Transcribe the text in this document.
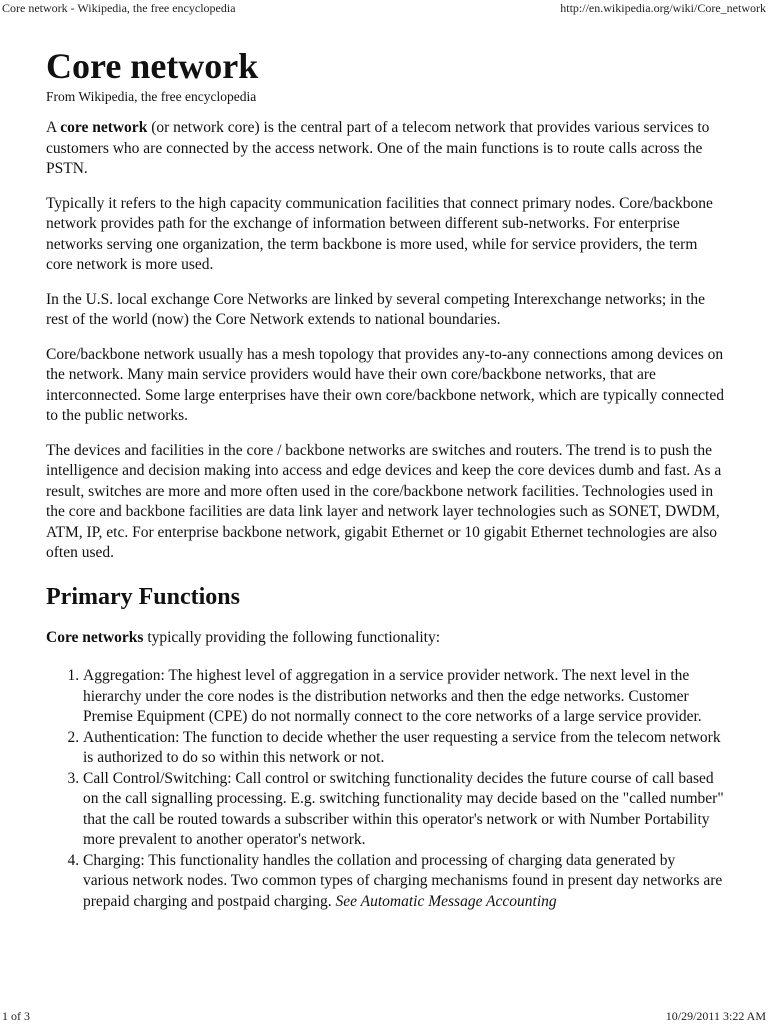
Core network - Wikipedia, the free encyclopedia	http://en.wikipedia.org/wiki/Core_network
Core network
From Wikipedia, the free encyclopedia

A core network (or network core) is the central part of a telecom network that provides various services to customers who are connected by the access network. One of the main functions is to route calls across the PSTN.

Typically it refers to the high capacity communication facilities that connect primary nodes. Core/backbone network provides path for the exchange of information between different sub-networks. For enterprise networks serving one organization, the term backbone is more used, while for service providers, the term core network is more used.

In the U.S. local exchange Core Networks are linked by several competing Interexchange networks; in the rest of the world (now) the Core Network extends to national boundaries.

Core/backbone network usually has a mesh topology that provides any-to-any connections among devices on the network. Many main service providers would have their own core/backbone networks, that are interconnected. Some large enterprises have their own core/backbone network, which are typically connected to the public networks.

The devices and facilities in the core / backbone networks are switches and routers. The trend is to push the intelligence and decision making into access and edge devices and keep the core devices dumb and fast. As a result, switches are more and more often used in the core/backbone network facilities. Technologies used in the core and backbone facilities are data link layer and network layer technologies such as SONET, DWDM, ATM, IP, etc. For enterprise backbone network, gigabit Ethernet or 10 gigabit Ethernet technologies are also often used.

Primary Functions

Core networks typically providing the following functionality:

1. Aggregation: The highest level of aggregation in a service provider network. The next level in the hierarchy under the core nodes is the distribution networks and then the edge networks. Customer Premise Equipment (CPE) do not normally connect to the core networks of a large service provider.
2. Authentication: The function to decide whether the user requesting a service from the telecom network is authorized to do so within this network or not.
3. Call Control/Switching: Call control or switching functionality decides the future course of call based on the call signalling processing. E.g. switching functionality may decide based on the "called number" that the call be routed towards a subscriber within this operator's network or with Number Portability more prevalent to another operator's network.
4. Charging: This functionality handles the collation and processing of charging data generated by various network nodes. Two common types of charging mechanisms found in present day networks are prepaid charging and postpaid charging. See Automatic Message Accounting
1 of 3	10/29/2011 3:22 AM
